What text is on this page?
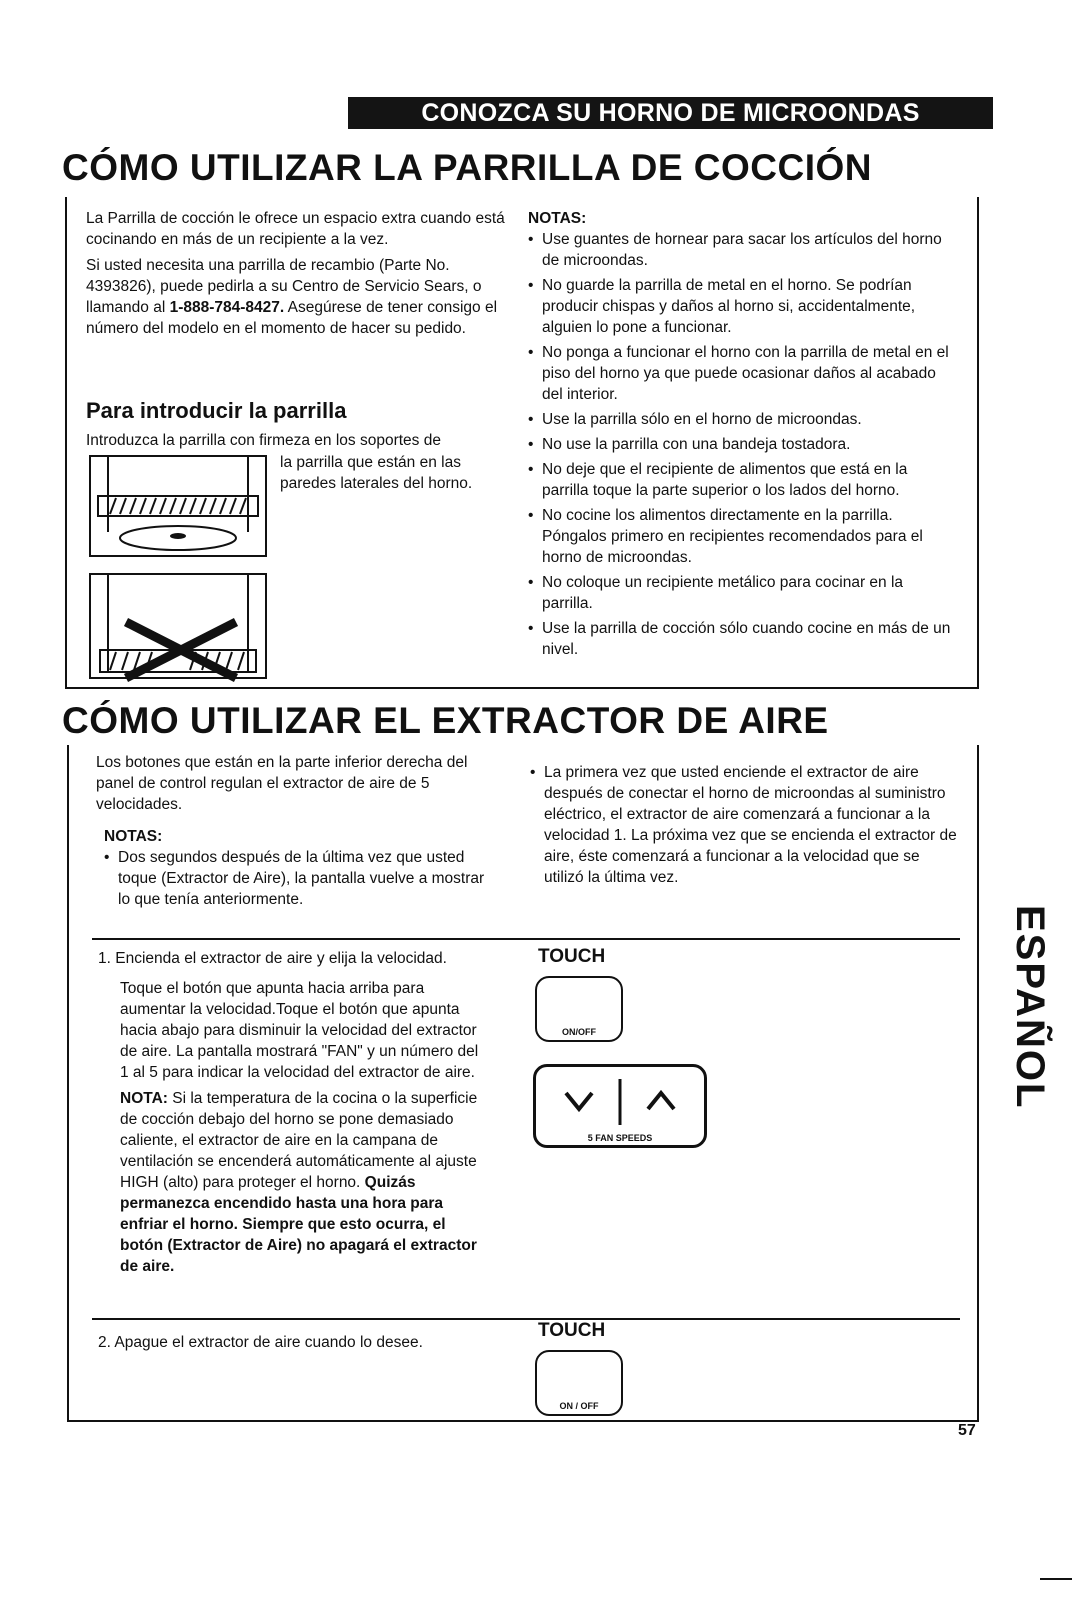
CONOZCA SU HORNO DE MICROONDAS
CÓMO UTILIZAR LA PARRILLA DE COCCIÓN

La Parrilla de cocción le ofrece un espacio extra cuando está cocinando en más de un recipiente a la vez.

Si usted necesita una parrilla de recambio (Parte No. 4393826), puede pedirla a su Centro de Servicio Sears, o llamando al 1-888-784-8427. Asegúrese de tener consigo el número del modelo en el momento de hacer su pedido.

Para introducir la parrilla
Introduzca la parrilla con firmeza en los soportes de
la parrilla que están en las paredes laterales del horno.
NOTAS:
• Use guantes de hornear para sacar los artículos del horno de microondas.
• No guarde la parrilla de metal en el horno. Se podrían producir chispas y daños al horno si, accidentalmente, alguien lo pone a funcionar.
• No ponga a funcionar el horno con la parrilla de metal en el piso del horno ya que puede ocasionar daños al acabado del interior.
• Use la parrilla sólo en el horno de microondas.
• No use la parrilla con una bandeja tostadora.
• No deje que el recipiente de alimentos que está en la parrilla toque la parte superior o los lados del horno.
• No cocine los alimentos directamente en la parrilla. Póngalos primero en recipientes recomendados para el horno de microondas.
• No coloque un recipiente metálico para cocinar en la parrilla.
• Use la parrilla de cocción sólo cuando cocine en más de un nivel.
CÓMO UTILIZAR EL EXTRACTOR DE AIRE
Los botones que están en la parte inferior derecha del panel de control regulan el extractor de aire de 5 velocidades.
NOTAS:
• Dos segundos después de la última vez que usted toque (Extractor de Aire), la pantalla vuelve a mostrar lo que tenía anteriormente.
• La primera vez que usted enciende el extractor de aire después de conectar el horno de microondas al suministro eléctrico, el extractor de aire comenzará a funcionar a la velocidad 1. La próxima vez que se encienda el extractor de aire, éste comenzará a funcionar a la velocidad que se utilizó la última vez.
1. Encienda el extractor de aire y elija la velocidad.

Toque el botón que apunta hacia arriba para aumentar la velocidad.Toque el botón que apunta hacia abajo para disminuir la velocidad del extractor de aire. La pantalla mostrará "FAN" y un número del 1 al 5 para indicar la velocidad del extractor de aire.

NOTA: Si la temperatura de la cocina o la superficie de cocción debajo del horno se pone demasiado caliente, el extractor de aire en la campana de ventilación se encenderá automáticamente al ajuste HIGH (alto) para proteger el horno. Quizás permanezca encendido hasta una hora para enfriar el horno. Siempre que esto ocurra, el botón (Extractor de Aire) no apagará el extractor de aire.

TOUCH
ON/OFF
5 FAN SPEEDS
2. Apague el extractor de aire cuando lo desee.
TOUCH
ON / OFF
ESPAÑOL
57
